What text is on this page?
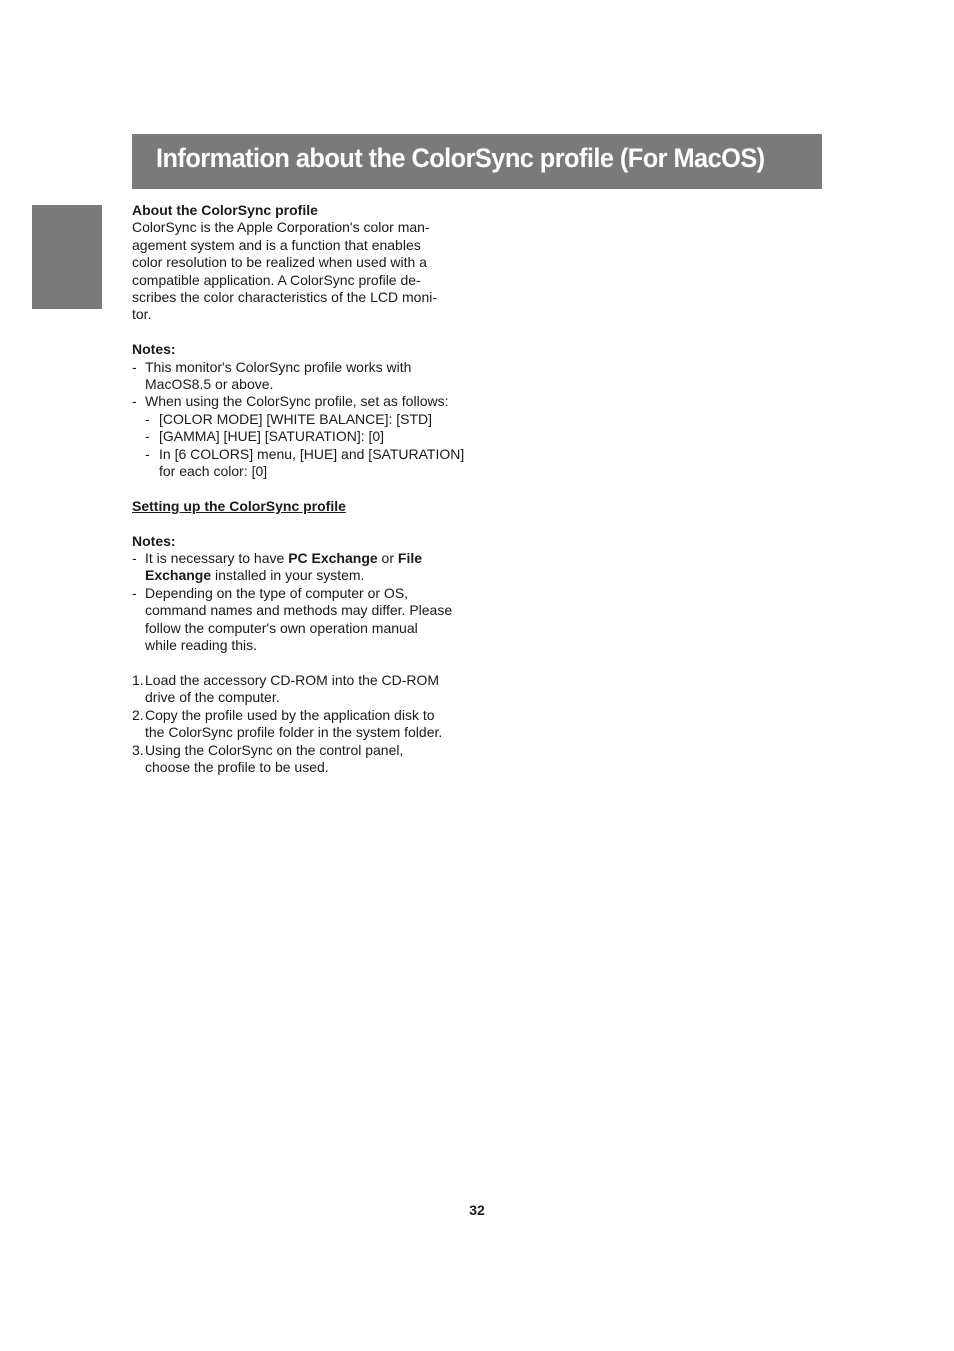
Information about the ColorSync profile (For MacOS)

About the ColorSync profile

ColorSync is the Apple Corporation's color man-

agement system and is a function that enables

color resolution to be realized when used with a

compatible application. A ColorSync profile de-

scribes the color characteristics of the LCD moni-

tor.

Notes:

- This monitor's ColorSync profile works with

MacOS8.5 or above.

- When using the ColorSync profile, set as follows:

- [COLOR MODE] [WHITE BALANCE]: [STD]

- [GAMMA] [HUE] [SATURATION]: [0]

- In [6 COLORS] menu, [HUE] and [SATURATION]

for each color: [0]

Setting up the ColorSync profile

Notes:

- It is necessary to have PC Exchange or File

Exchange installed in your system.

- Depending on the type of computer or OS,

command names and methods may differ. Please

follow the computer's own operation manual

while reading this.

1. Load the accessory CD-ROM into the CD-ROM

drive of the computer.

2. Copy the profile used by the application disk to

the ColorSync profile folder in the system folder.

3. Using the ColorSync on the control panel,

choose the profile to be used.

32
